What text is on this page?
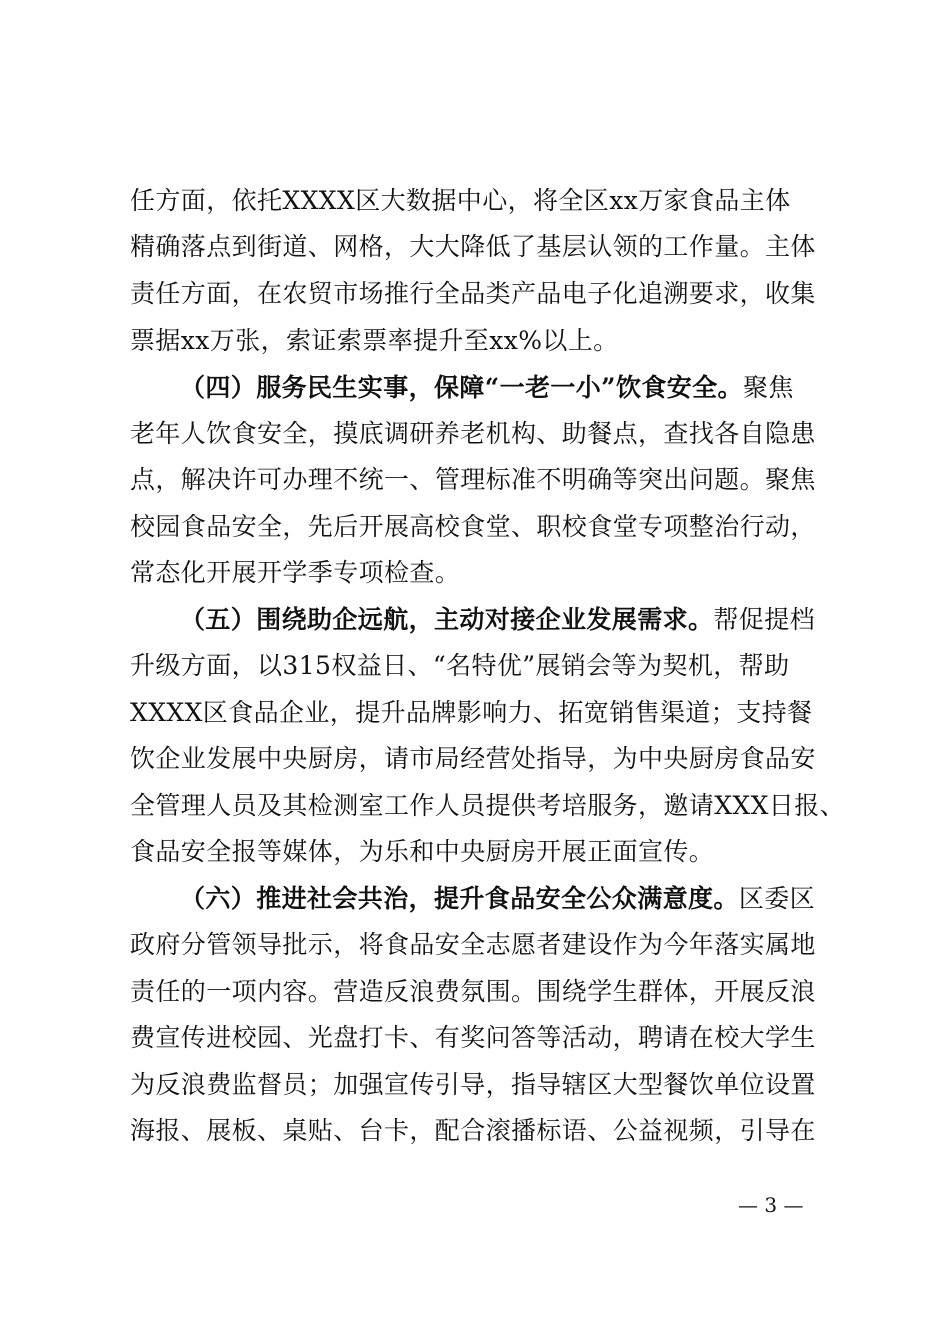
任方面，依托XXXX区大数据中心，将全区xx万家食品主体
精确落点到街道、网格，大大降低了基层认领的工作量。主体
责任方面，在农贸市场推行全品类产品电子化追溯要求，收集
票据xx万张，索证索票率提升至xx%以上。
（四）服务民生实事，保障“一老一小”饮食安全。聚焦
老年人饮食安全，摸底调研养老机构、助餐点，查找各自隐患
点，解决许可办理不统一、管理标准不明确等突出问题。聚焦
校园食品安全，先后开展高校食堂、职校食堂专项整治行动，
常态化开展开学季专项检查。
（五）围绕助企远航，主动对接企业发展需求。帮促提档
升级方面，以315权益日、“名特优”展销会等为契机，帮助
XXXX区食品企业，提升品牌影响力、拓宽销售渠道；支持餐
饮企业发展中央厨房，请市局经营处指导，为中央厨房食品安
全管理人员及其检测室工作人员提供考培服务，邀请XXX日报、
食品安全报等媒体，为乐和中央厨房开展正面宣传。
（六）推进社会共治，提升食品安全公众满意度。区委区
政府分管领导批示，将食品安全志愿者建设作为今年落实属地
责任的一项内容。营造反浪费氛围。围绕学生群体，开展反浪
费宣传进校园、光盘打卡、有奖问答等活动，聘请在校大学生
为反浪费监督员；加强宣传引导，指导辖区大型餐饮单位设置
海报、展板、桌贴、台卡，配合滚播标语、公益视频，引导在
— 3 —
